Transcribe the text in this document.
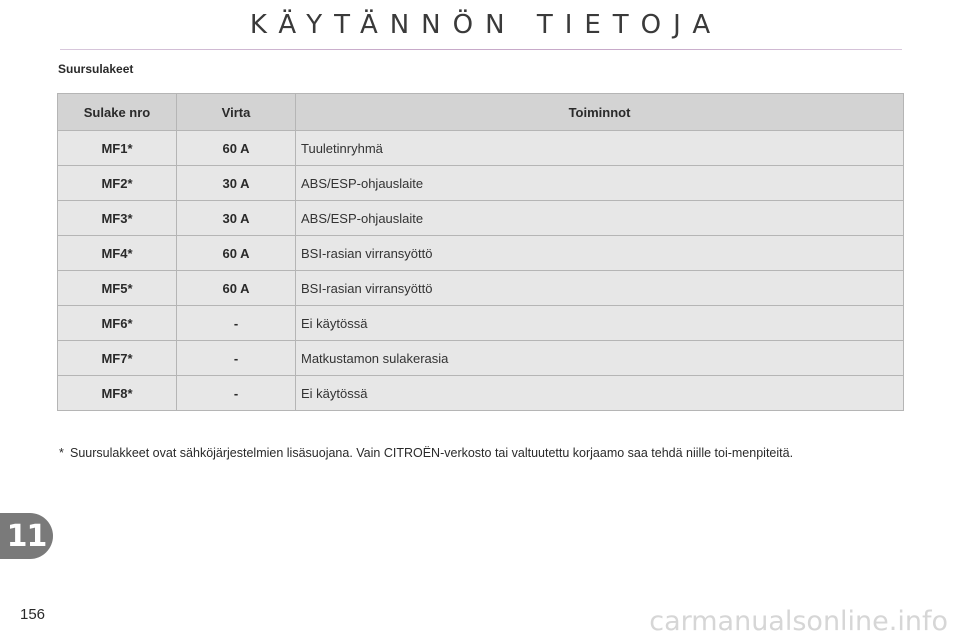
KÄYTÄNNÖN TIETOJA
Suursulakeet
Sulake nro	Virta	Toiminnot
MF1*	60 A	Tuuletinryhmä
MF2*	30 A	ABS/ESP-ohjauslaite
MF3*	30 A	ABS/ESP-ohjauslaite
MF4*	60 A	BSI-rasian virransyöttö
MF5*	60 A	BSI-rasian virransyöttö
MF6*	-	Ei käytössä
MF7*	-	Matkustamon sulakerasia
MF8*	-	Ei käytössä
* Suursulakkeet ovat sähköjärjestelmien lisäsuojana. Vain CITROËN-verkosto tai valtuutettu korjaamo saa tehdä niille toi-menpiteitä.
11
156	carmanualsonline.info
